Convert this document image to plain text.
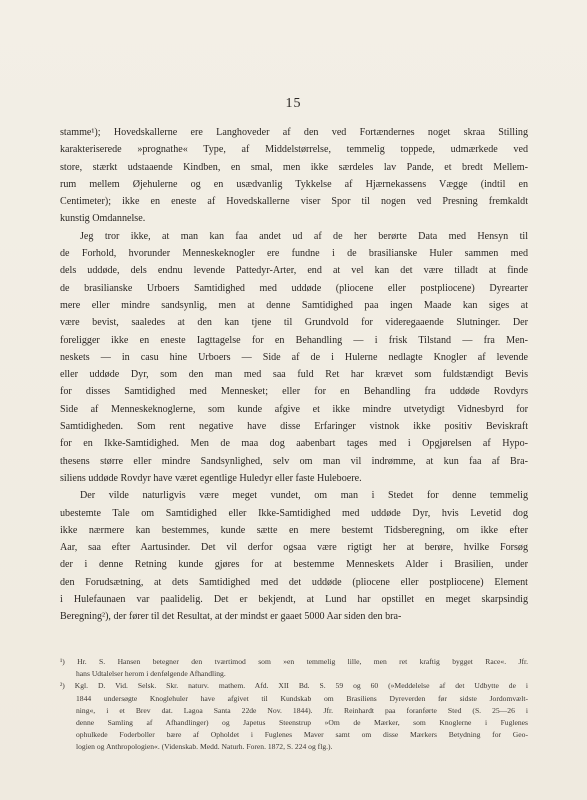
15
stamme¹); Hovedskallerne ere Langhoveder af den ved Fortændernes noget skraa Stilling
karakteriserede »prognathe« Type, af Middelstørrelse, temmelig toppede, udmærkede ved
store, stærkt udstaaende Kindben, en smal, men ikke særdeles lav Pande, et bredt Mellem-
rum mellem Øjehulerne og en usædvanlig Tykkelse af Hjærnekassens Vægge (indtil en
Centimeter); ikke en eneste af Hovedskallerne viser Spor til nogen ved Presning fremkaldt
kunstig Omdannelse.
Jeg tror ikke, at man kan faa andet ud af de her berørte Data med Hensyn til
de Forhold, hvorunder Menneskeknogler ere fundne i de brasilianske Huler sammen med
dels uddøde, dels endnu levende Pattedyr-Arter, end at vel kan det være tilladt at finde
de brasilianske Urboers Samtidighed med uddøde (pliocene eller postpliocene) Dyrearter
mere eller mindre sandsynlig, men at denne Samtidighed paa ingen Maade kan siges at
være bevist, saaledes at den kan tjene til Grundvold for videregaaende Slutninger. Der
foreligger ikke en eneste Iagttagelse for en Behandling — i frisk Tilstand — fra Men-
neskets — in casu hine Urboers — Side af de i Hulerne nedlagte Knogler af levende
eller uddøde Dyr, som den man med saa fuld Ret har krævet som fuldstændigt Bevis
for disses Samtidighed med Mennesket; eller for en Behandling fra uddøde Rovdyrs
Side af Menneskeknoglerne, som kunde afgive et ikke mindre utvetydigt Vidnesbyrd for
Samtidigheden. Som rent negative have disse Erfaringer vistnok ikke positiv Beviskraft
for en Ikke-Samtidighed. Men de maa dog aabenbart tages med i Opgjørelsen af Hypo-
thesens større eller mindre Sandsynlighed, selv om man vil indrømme, at kun faa af Bra-
siliens uddøde Rovdyr have været egentlige Huledyr eller faste Huleboere.
Der vilde naturligvis være meget vundet, om man i Stedet for denne temmelig
ubestemte Tale om Samtidighed eller Ikke-Samtidighed med uddøde Dyr, hvis Levetid dog
ikke nærmere kan bestemmes, kunde sætte en mere bestemt Tidsberegning, om ikke efter
Aar, saa efter Aartusinder. Det vil derfor ogsaa være rigtigt her at berøre, hvilke Forsøg
der i denne Retning kunde gjøres for at bestemme Menneskets Alder i Brasilien, under
den Forudsætning, at dets Samtidighed med det uddøde (pliocene eller postpliocene) Element
i Hulefaunaen var paalidelig. Det er bekjendt, at Lund har opstillet en meget skarpsindig
Beregning²), der fører til det Resultat, at der mindst er gaaet 5000 Aar siden den bra-
¹) Hr. S. Hansen betegner den tværtimod som »en temmelig lille, men ret kraftig bygget Race«. Jfr.
hans Udtalelser herom i denfølgende Afhandling.
²) Kgl. D. Vid. Selsk. Skr. naturv. mathem. Afd. XII Bd. S. 59 og 60 (»Meddelelse af det Udbytte de i
1844 undersøgte Knoglehuler have afgivet til Kundskab om Brasiliens Dyreverden før sidste Jordomvælt-
ning«, i et Brev dat. Lagoa Santa 22de Nov. 1844). Jfr. Reinhardt paa foranførte Sted (S. 25—26 i
denne Samling af Afhandlinger) og Japetus Steenstrup »Om de Mærker, som Knoglerne i Fuglenes
ophulkede Foderboller bære af Opholdet i Fuglenes Maver samt om disse Mærkers Betydning for Geo-
logien og Anthropologien«. (Videnskab. Medd. Naturh. Foren. 1872, S. 224 og flg.).
